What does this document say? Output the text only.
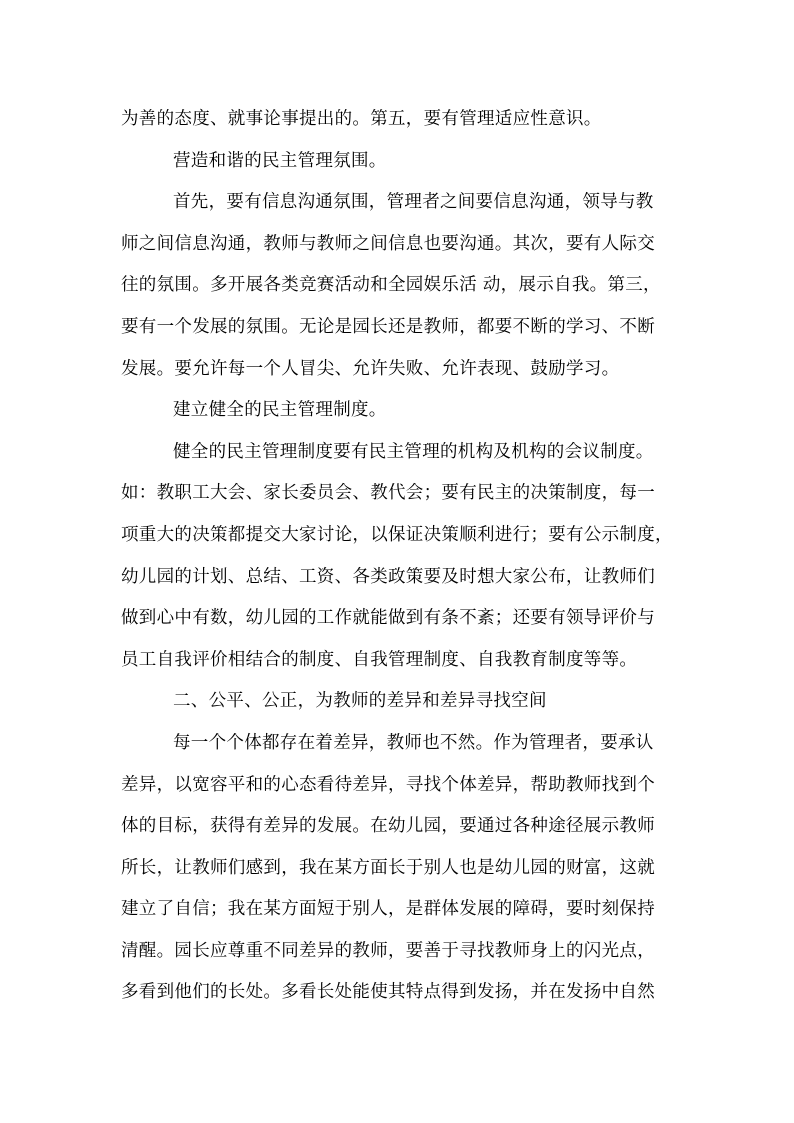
为善的态度、就事论事提出的。第五，要有管理适应性意识。
营造和谐的民主管理氛围。
首先，要有信息沟通氛围，管理者之间要信息沟通，领导与教
师之间信息沟通，教师与教师之间信息也要沟通。其次，要有人际交
往的氛围。多开展各类竞赛活动和全园娱乐活 动，展示自我。第三，
要有一个发展的氛围。无论是园长还是教师，都要不断的学习、不断
发展。要允许每一个人冒尖、允许失败、允许表现、鼓励学习。
建立健全的民主管理制度。
健全的民主管理制度要有民主管理的机构及机构的会议制度。
如：教职工大会、家长委员会、教代会；要有民主的决策制度，每一
项重大的决策都提交大家讨论，以保证决策顺利进行；要有公示制度，
幼儿园的计划、总结、工资、各类政策要及时想大家公布，让教师们
做到心中有数，幼儿园的工作就能做到有条不紊；还要有领导评价与
员工自我评价相结合的制度、自我管理制度、自我教育制度等等。
二、公平、公正，为教师的差异和差异寻找空间
每一个个体都存在着差异，教师也不然。作为管理者，要承认
差异，以宽容平和的心态看待差异，寻找个体差异，帮助教师找到个
体的目标，获得有差异的发展。在幼儿园，要通过各种途径展示教师
所长，让教师们感到，我在某方面长于别人也是幼儿园的财富，这就
建立了自信；我在某方面短于别人，是群体发展的障碍，要时刻保持
清醒。园长应尊重不同差异的教师，要善于寻找教师身上的闪光点，
多看到他们的长处。多看长处能使其特点得到发扬，并在发扬中自然
